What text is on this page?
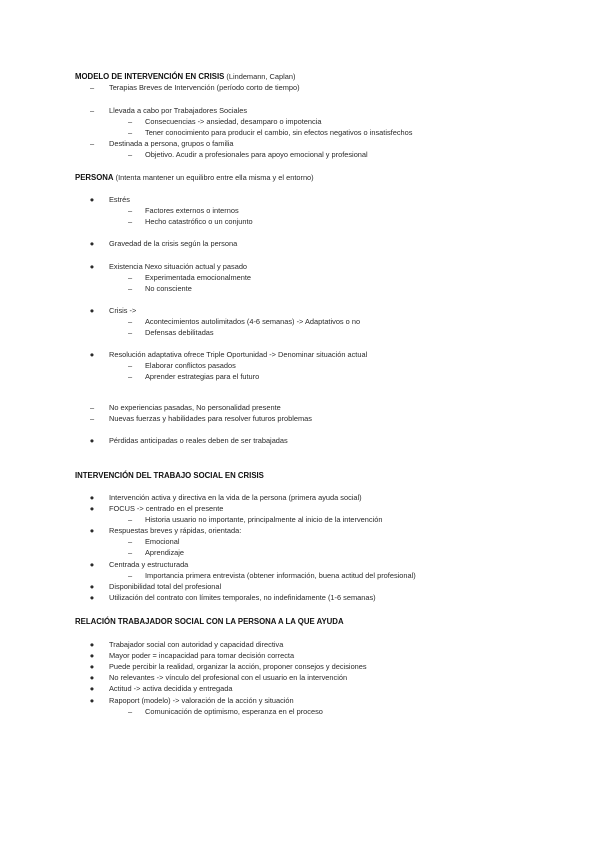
MODELO DE INTERVENCIÓN EN CRISIS (Lindemann, Caplan)
–	Terapias Breves de Intervención (período corto de tiempo)
–	Llevada a cabo por Trabajadores Sociales
–	Consecuencias -> ansiedad, desamparo o impotencia
–	Tener conocimiento para producir el cambio, sin efectos negativos o insatisfechos
–	Destinada a persona, grupos o familia
–	Objetivo. Acudir a profesionales para apoyo emocional y profesional
PERSONA (Intenta mantener un equilibro entre ella misma y el entorno)
●	Estrés
–	Factores externos o internos
–	Hecho catastrófico o un conjunto
●	Gravedad de la crisis según la persona
●	Existencia Nexo situación actual y pasado
–	Experimentada emocionalmente
–	No consciente
●	Crisis ->
–	Acontecimientos autolimitados (4-6 semanas) -> Adaptativos o no
–	Defensas debilitadas
●	Resolución adaptativa ofrece Triple Oportunidad -> Denominar situación actual
–	Elaborar conflictos pasados
–	Aprender estrategias para el futuro
–	No experiencias pasadas, No personalidad presente
–	Nuevas fuerzas y habilidades para resolver futuros problemas
●	Pérdidas anticipadas o reales deben de ser trabajadas
INTERVENCIÓN DEL TRABAJO SOCIAL EN CRISIS
●	Intervención activa y directiva en la vida de la persona (primera ayuda social)
●	FOCUS -> centrado en el presente
–	Historia usuario no importante, principalmente al inicio de la intervención
●	Respuestas breves y rápidas, orientada:
–	Emocional
–	Aprendizaje
●	Centrada y estructurada
–	Importancia primera entrevista (obtener información, buena actitud del profesional)
●	Disponibilidad total del profesional
●	Utilización del contrato con límites temporales, no indefinidamente (1-6 semanas)
RELACIÓN TRABAJADOR SOCIAL CON LA PERSONA A LA QUE AYUDA
●	Trabajador social con autoridad y capacidad directiva
●	Mayor poder = incapacidad para tomar decisión correcta
●	Puede percibir la realidad, organizar la acción, proponer consejos y decisiones
●	No relevantes -> vínculo del profesional con el usuario en la intervención
●	Actitud -> activa decidida y entregada
●	Rapoport (modelo) -> valoración de la acción y situación
–	Comunicación de optimismo, esperanza en el proceso
